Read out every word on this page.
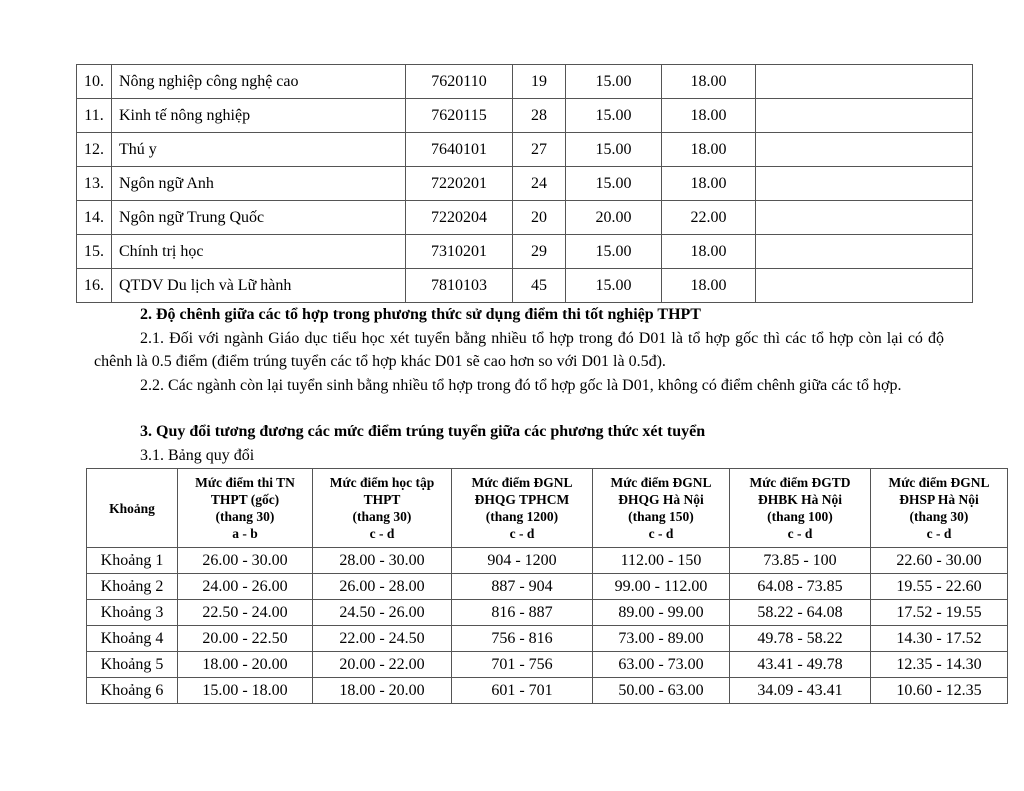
10.	Nông nghiệp công nghệ cao	7620110	19	15.00	18.00	
11.	Kinh tế nông nghiệp	7620115	28	15.00	18.00	
12.	Thú y	7640101	27	15.00	18.00	
13.	Ngôn ngữ Anh	7220201	24	15.00	18.00	
14.	Ngôn ngữ Trung Quốc	7220204	20	20.00	22.00	
15.	Chính trị học	7310201	29	15.00	18.00	
16.	QTDV Du lịch và Lữ hành	7810103	45	15.00	18.00	
2. Độ chênh giữa các tổ hợp trong phương thức sử dụng điểm thi tốt nghiệp THPT
2.1. Đối với ngành Giáo dục tiểu học xét tuyển bằng nhiều tổ hợp trong đó D01 là tổ hợp gốc thì các tổ hợp còn lại có độ chênh là 0.5 điểm (điểm trúng tuyển các tổ hợp khác D01 sẽ cao hơn so với D01 là 0.5đ).
2.2. Các ngành còn lại tuyển sinh bằng nhiều tổ hợp trong đó tổ hợp gốc là D01, không có điểm chênh giữa các tổ hợp.
3. Quy đổi tương đương các mức điểm trúng tuyển giữa các phương thức xét tuyển
3.1. Bảng quy đổi
Khoảng	Mức điểm thi TN
THPT (gốc)
(thang 30)
a - b	Mức điểm học tập
THPT
(thang 30)
c - d	Mức điểm ĐGNL
ĐHQG TPHCM
(thang 1200)
c - d	Mức điểm ĐGNL
ĐHQG Hà Nội
(thang 150)
c - d	Mức điểm ĐGTD
ĐHBK Hà Nội
(thang 100)
c - d	Mức điểm ĐGNL
ĐHSP Hà Nội
(thang 30)
c - d

Khoảng 1	26.00 - 30.00	28.00 - 30.00	904 - 1200	112.00 - 150	73.85 - 100	22.60 - 30.00
Khoảng 2	24.00 - 26.00	26.00 - 28.00	887 - 904	99.00 - 112.00	64.08 - 73.85	19.55 - 22.60
Khoảng 3	22.50 - 24.00	24.50 - 26.00	816 - 887	89.00 - 99.00	58.22 - 64.08	17.52 - 19.55
Khoảng 4	20.00 - 22.50	22.00 - 24.50	756 - 816	73.00 - 89.00	49.78 - 58.22	14.30 - 17.52
Khoảng 5	18.00 - 20.00	20.00 - 22.00	701 - 756	63.00 - 73.00	43.41 - 49.78	12.35 - 14.30
Khoảng 6	15.00 - 18.00	18.00 - 20.00	601 - 701	50.00 - 63.00	34.09 - 43.41	10.60 - 12.35
